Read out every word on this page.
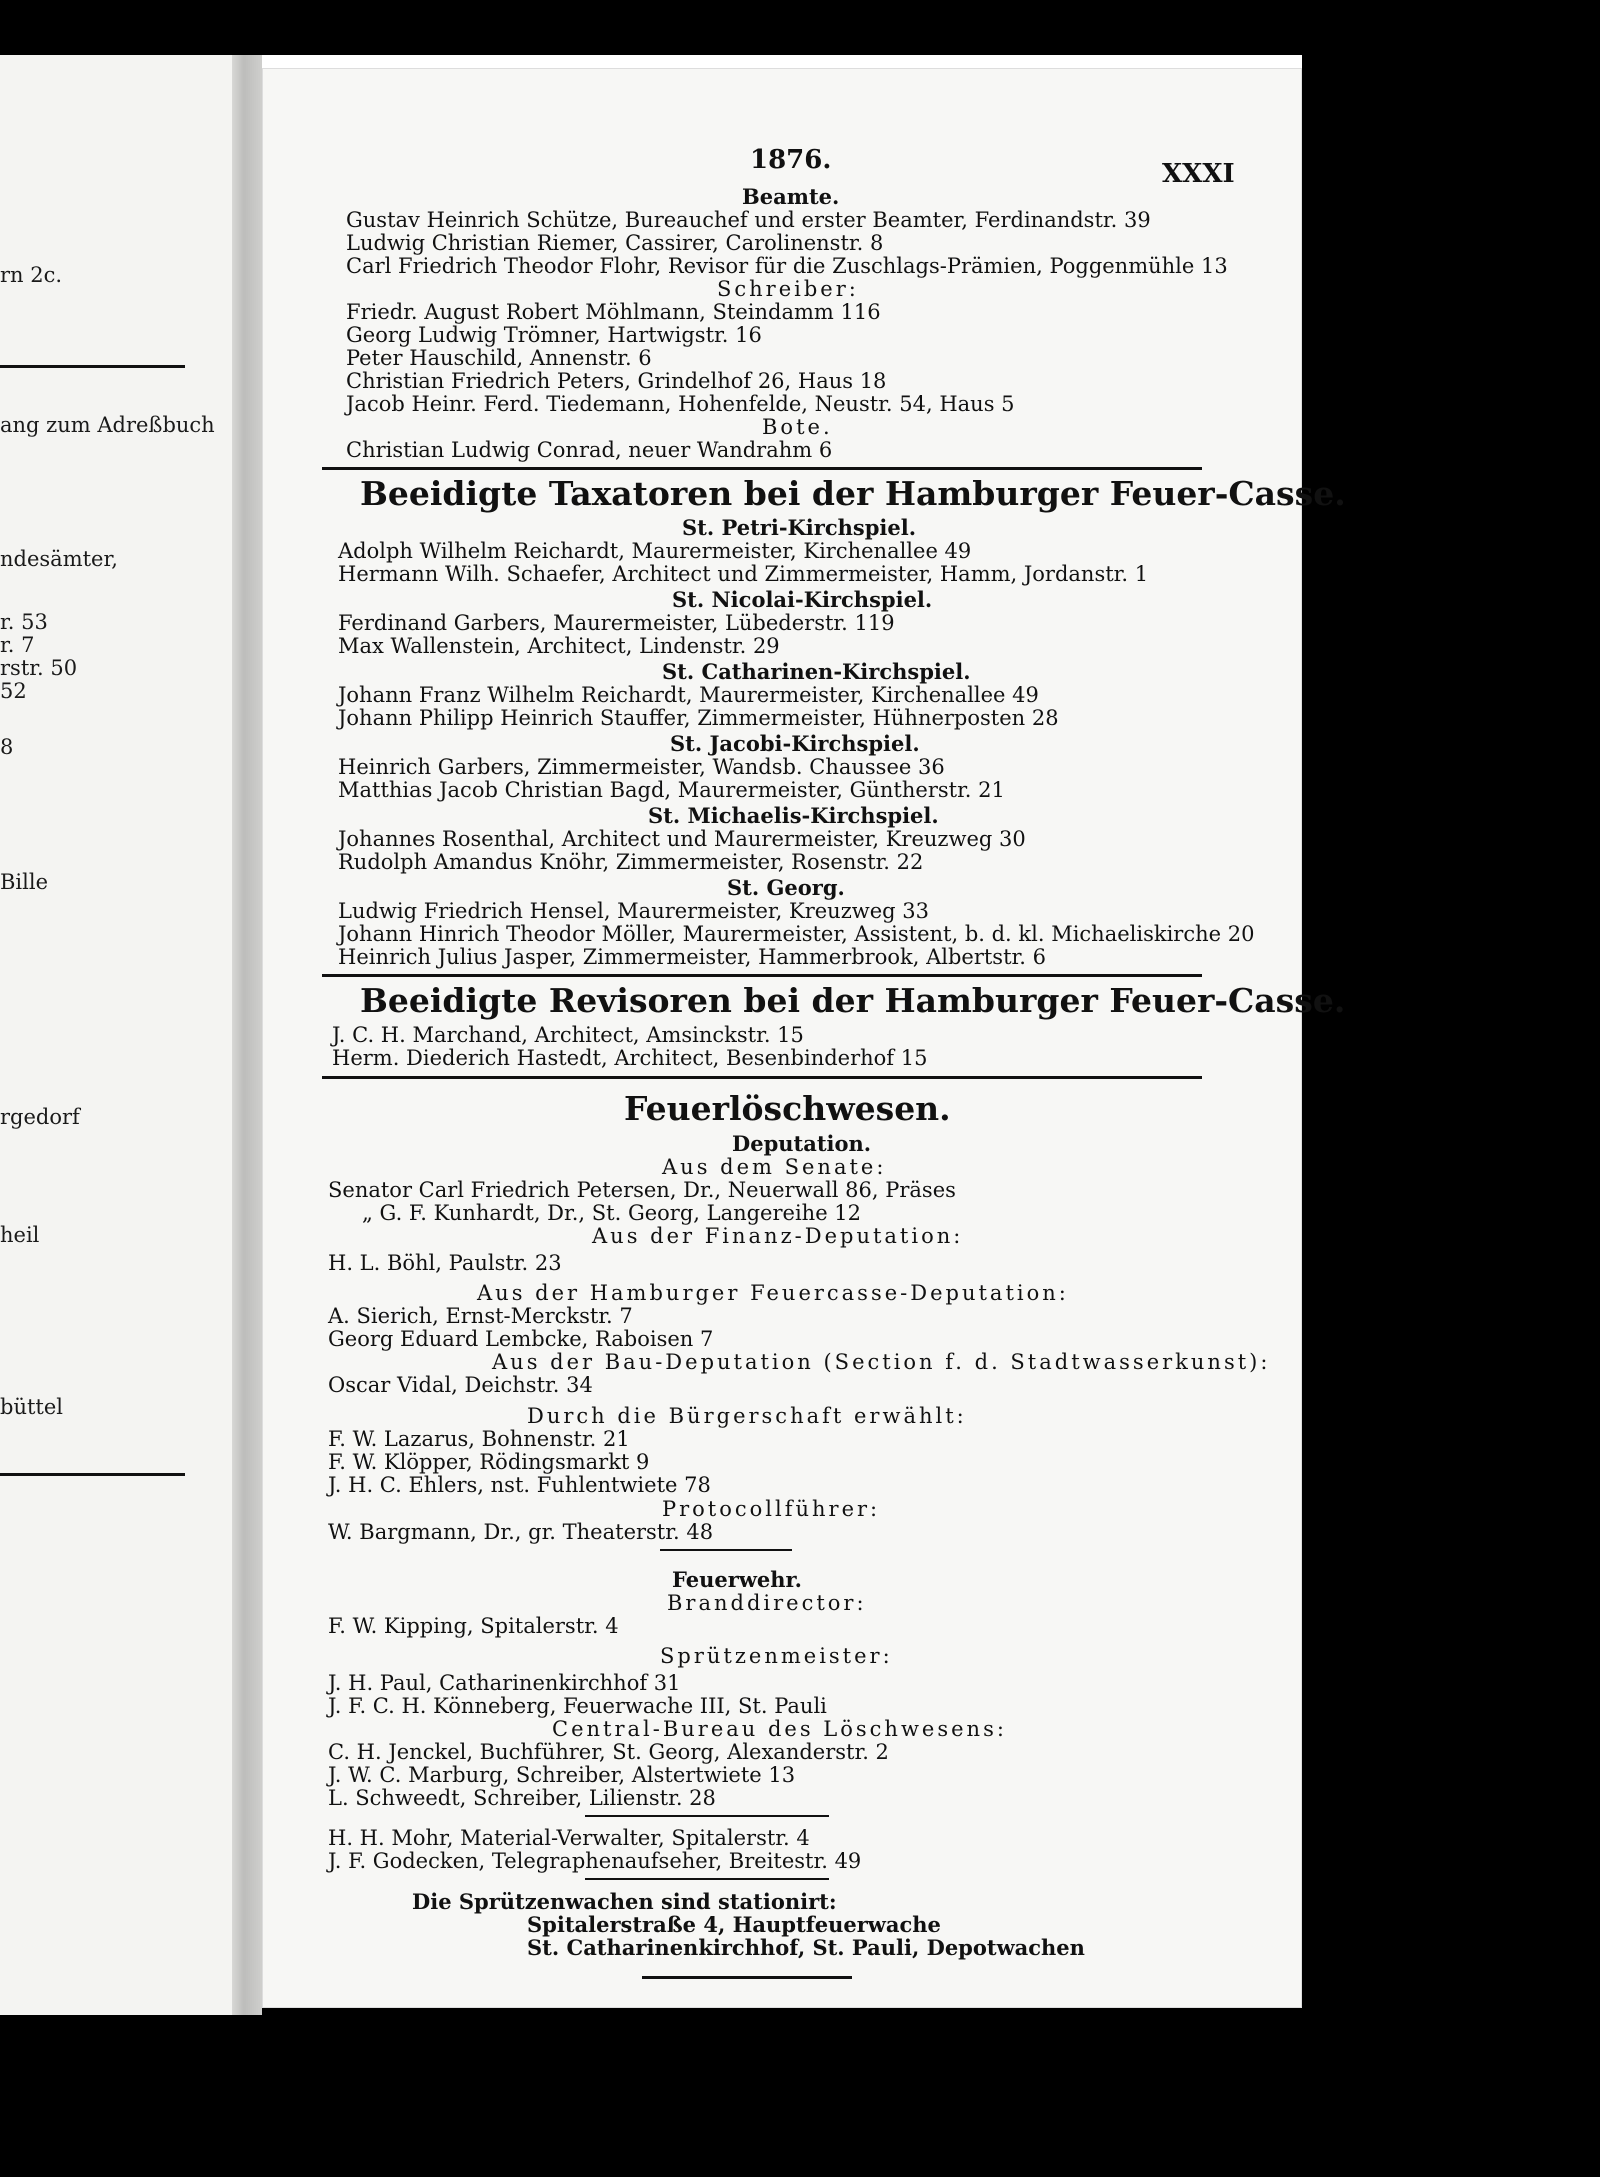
rn 2c.
ang zum Adreßbuch
ndesämter,
r. 53
r. 7
rstr. 50
52
8
Bille
rgedorf
heil
büttel
1876.	XXXI
Beamte.
Gustav Heinrich Schütze, Bureauchef und erster Beamter, Ferdinandstr. 39
Ludwig Christian Riemer, Cassirer, Carolinenstr. 8
Carl Friedrich Theodor Flohr, Revisor für die Zuschlags-Prämien, Poggenmühle 13
Schreiber:
Friedr. August Robert Möhlmann, Steindamm 116
Georg Ludwig Trömner, Hartwigstr. 16
Peter Hauschild, Annenstr. 6
Christian Friedrich Peters, Grindelhof 26, Haus 18
Jacob Heinr. Ferd. Tiedemann, Hohenfelde, Neustr. 54, Haus 5
Bote.
Christian Ludwig Conrad, neuer Wandrahm 6
Beeidigte Taxatoren bei der Hamburger Feuer-Casse.
St. Petri-Kirchspiel.
Adolph Wilhelm Reichardt, Maurermeister, Kirchenallee 49
Hermann Wilh. Schaefer, Architect und Zimmermeister, Hamm, Jordanstr. 1
St. Nicolai-Kirchspiel.
Ferdinand Garbers, Maurermeister, Lübederstr. 119
Max Wallenstein, Architect, Lindenstr. 29
St. Catharinen-Kirchspiel.
Johann Franz Wilhelm Reichardt, Maurermeister, Kirchenallee 49
Johann Philipp Heinrich Stauffer, Zimmermeister, Hühnerposten 28
St. Jacobi-Kirchspiel.
Heinrich Garbers, Zimmermeister, Wandsb. Chaussee 36
Matthias Jacob Christian Bagd, Maurermeister, Güntherstr. 21
St. Michaelis-Kirchspiel.
Johannes Rosenthal, Architect und Maurermeister, Kreuzweg 30
Rudolph Amandus Knöhr, Zimmermeister, Rosenstr. 22
St. Georg.
Ludwig Friedrich Hensel, Maurermeister, Kreuzweg 33
Johann Hinrich Theodor Möller, Maurermeister, Assistent, b. d. kl. Michaeliskirche 20
Heinrich Julius Jasper, Zimmermeister, Hammerbrook, Albertstr. 6
Beeidigte Revisoren bei der Hamburger Feuer-Casse.
J. C. H. Marchand, Architect, Amsinckstr. 15
Herm. Diederich Hastedt, Architect, Besenbinderhof 15
Feuerlöschwesen.
Deputation.
Aus dem Senate:
Senator Carl Friedrich Petersen, Dr., Neuerwall 86, Präses
„ G. F. Kunhardt, Dr., St. Georg, Langereihe 12
Aus der Finanz-Deputation:
H. L. Böhl, Paulstr. 23
Aus der Hamburger Feuercasse-Deputation:
A. Sierich, Ernst-Merckstr. 7
Georg Eduard Lembcke, Raboisen 7
Aus der Bau-Deputation (Section f. d. Stadtwasserkunst):
Oscar Vidal, Deichstr. 34
Durch die Bürgerschaft erwählt:
F. W. Lazarus, Bohnenstr. 21
F. W. Klöpper, Rödingsmarkt 9
J. H. C. Ehlers, nst. Fuhlentwiete 78
Protocollführer:
W. Bargmann, Dr., gr. Theaterstr. 48
Feuerwehr.
Branddirector:
F. W. Kipping, Spitalerstr. 4
Sprützenmeister:
J. H. Paul, Catharinenkirchhof 31
J. F. C. H. Könneberg, Feuerwache III, St. Pauli
Central-Bureau des Löschwesens:
C. H. Jenckel, Buchführer, St. Georg, Alexanderstr. 2
J. W. C. Marburg, Schreiber, Alstertwiete 13
L. Schweedt, Schreiber, Lilienstr. 28
H. H. Mohr, Material-Verwalter, Spitalerstr. 4
J. F. Godecken, Telegraphenaufseher, Breitestr. 49
Die Sprützenwachen sind stationirt:
Spitalerstraße 4, Hauptfeuerwache
St. Catharinenkirchhof, St. Pauli, Depotwachen
